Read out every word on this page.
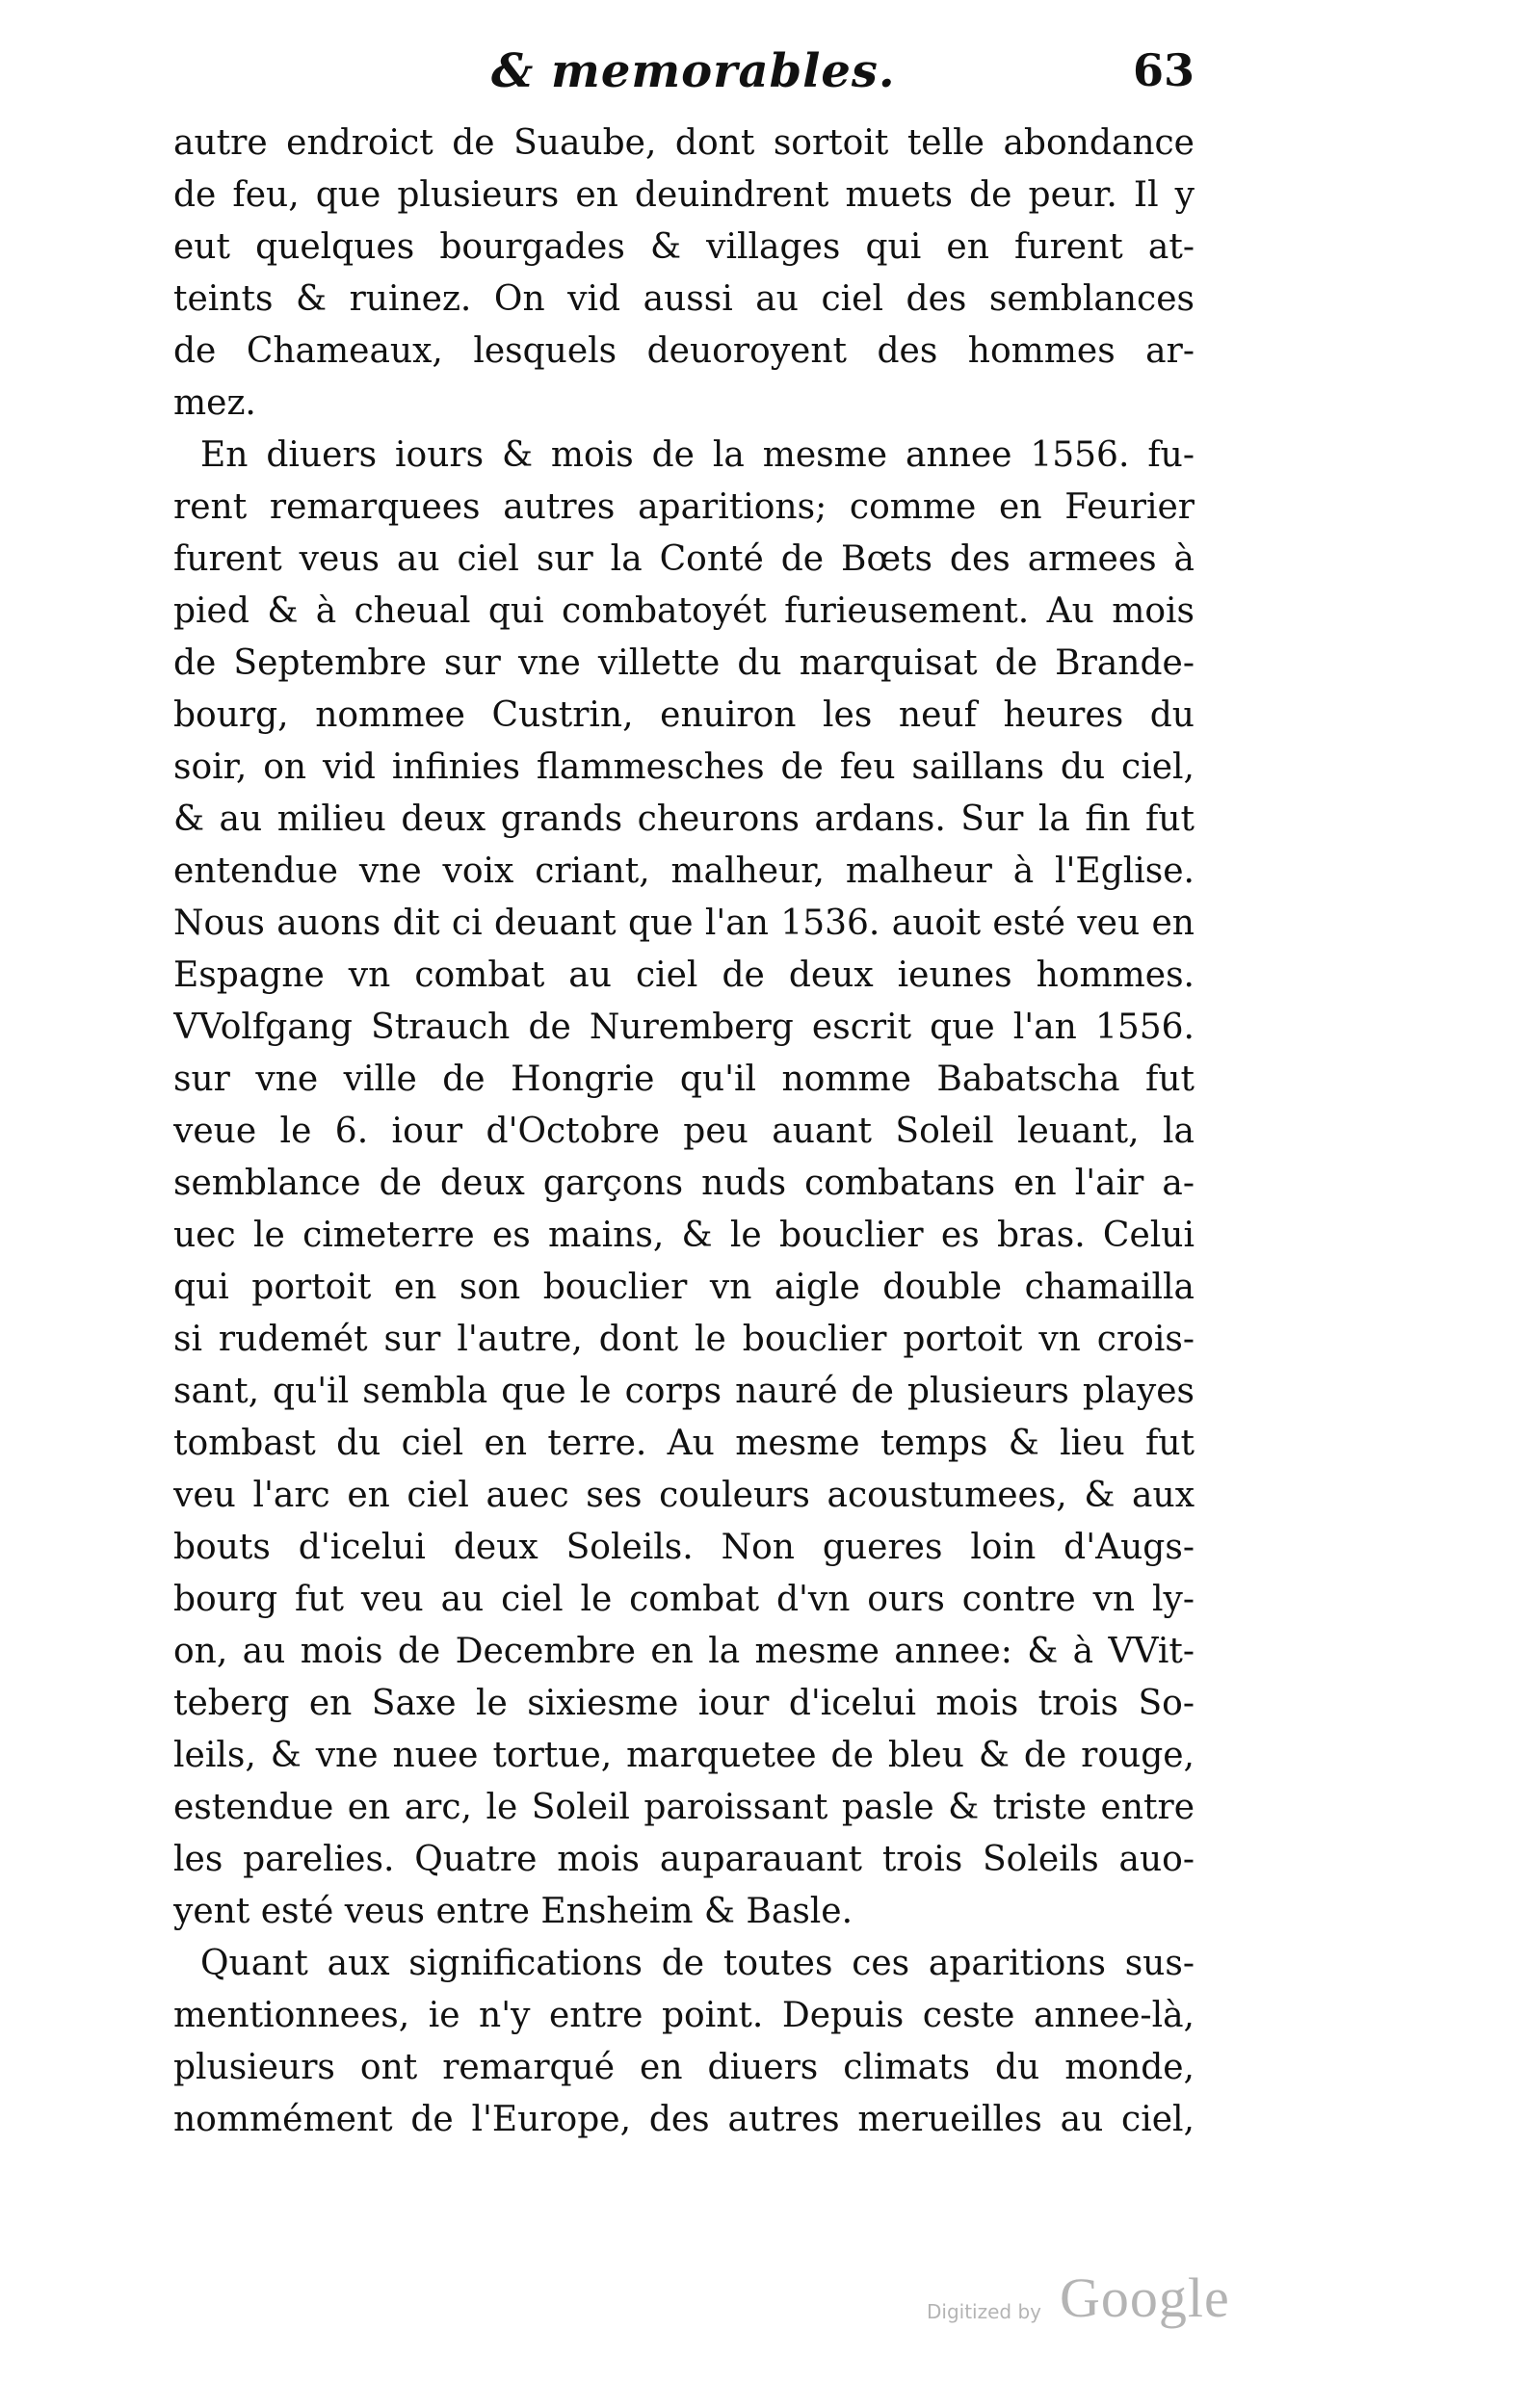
& memorables.	63
autre endroict de Suaube, dont sortoit telle abondance
de feu, que plusieurs en deuindrent muets de peur. Il y
eut quelques bourgades & villages qui en furent at-
teints & ruinez. On vid aussi au ciel des semblances
de Chameaux, lesquels deuoroyent des hommes ar-
mez.
En diuers iours & mois de la mesme annee 1556. fu-
rent remarquees autres aparitions; comme en Feurier
furent veus au ciel sur la Conté de Bœts des armees à
pied & à cheual qui combatoyét furieusement. Au mois
de Septembre sur vne villette du marquisat de Brande-
bourg, nommee Custrin, enuiron les neuf heures du
soir, on vid infinies flammesches de feu saillans du ciel,
& au milieu deux grands cheurons ardans. Sur la fin fut
entendue vne voix criant, malheur, malheur à l'Eglise.
Nous auons dit ci deuant que l'an 1536. auoit esté veu en
Espagne vn combat au ciel de deux ieunes hommes.
VVolfgang Strauch de Nuremberg escrit que l'an 1556.
sur vne ville de Hongrie qu'il nomme Babatscha fut
veue le 6. iour d'Octobre peu auant Soleil leuant, la
semblance de deux garçons nuds combatans en l'air a-
uec le cimeterre es mains, & le bouclier es bras. Celui
qui portoit en son bouclier vn aigle double chamailla
si rudemét sur l'autre, dont le bouclier portoit vn crois-
sant, qu'il sembla que le corps nauré de plusieurs playes
tombast du ciel en terre. Au mesme temps & lieu fut
veu l'arc en ciel auec ses couleurs acoustumees, & aux
bouts d'icelui deux Soleils. Non gueres loin d'Augs-
bourg fut veu au ciel le combat d'vn ours contre vn ly-
on, au mois de Decembre en la mesme annee: & à VVit-
teberg en Saxe le sixiesme iour d'icelui mois trois So-
leils, & vne nuee tortue, marquetee de bleu & de rouge,
estendue en arc, le Soleil paroissant pasle & triste entre
les parelies. Quatre mois auparauant trois Soleils auo-
yent esté veus entre Ensheim & Basle.
Quant aux significations de toutes ces aparitions sus-
mentionnees, ie n'y entre point. Depuis ceste annee-là,
plusieurs ont remarqué en diuers climats du monde,
nommément de l'Europe, des autres merueilles au ciel,
Digitized by Google
